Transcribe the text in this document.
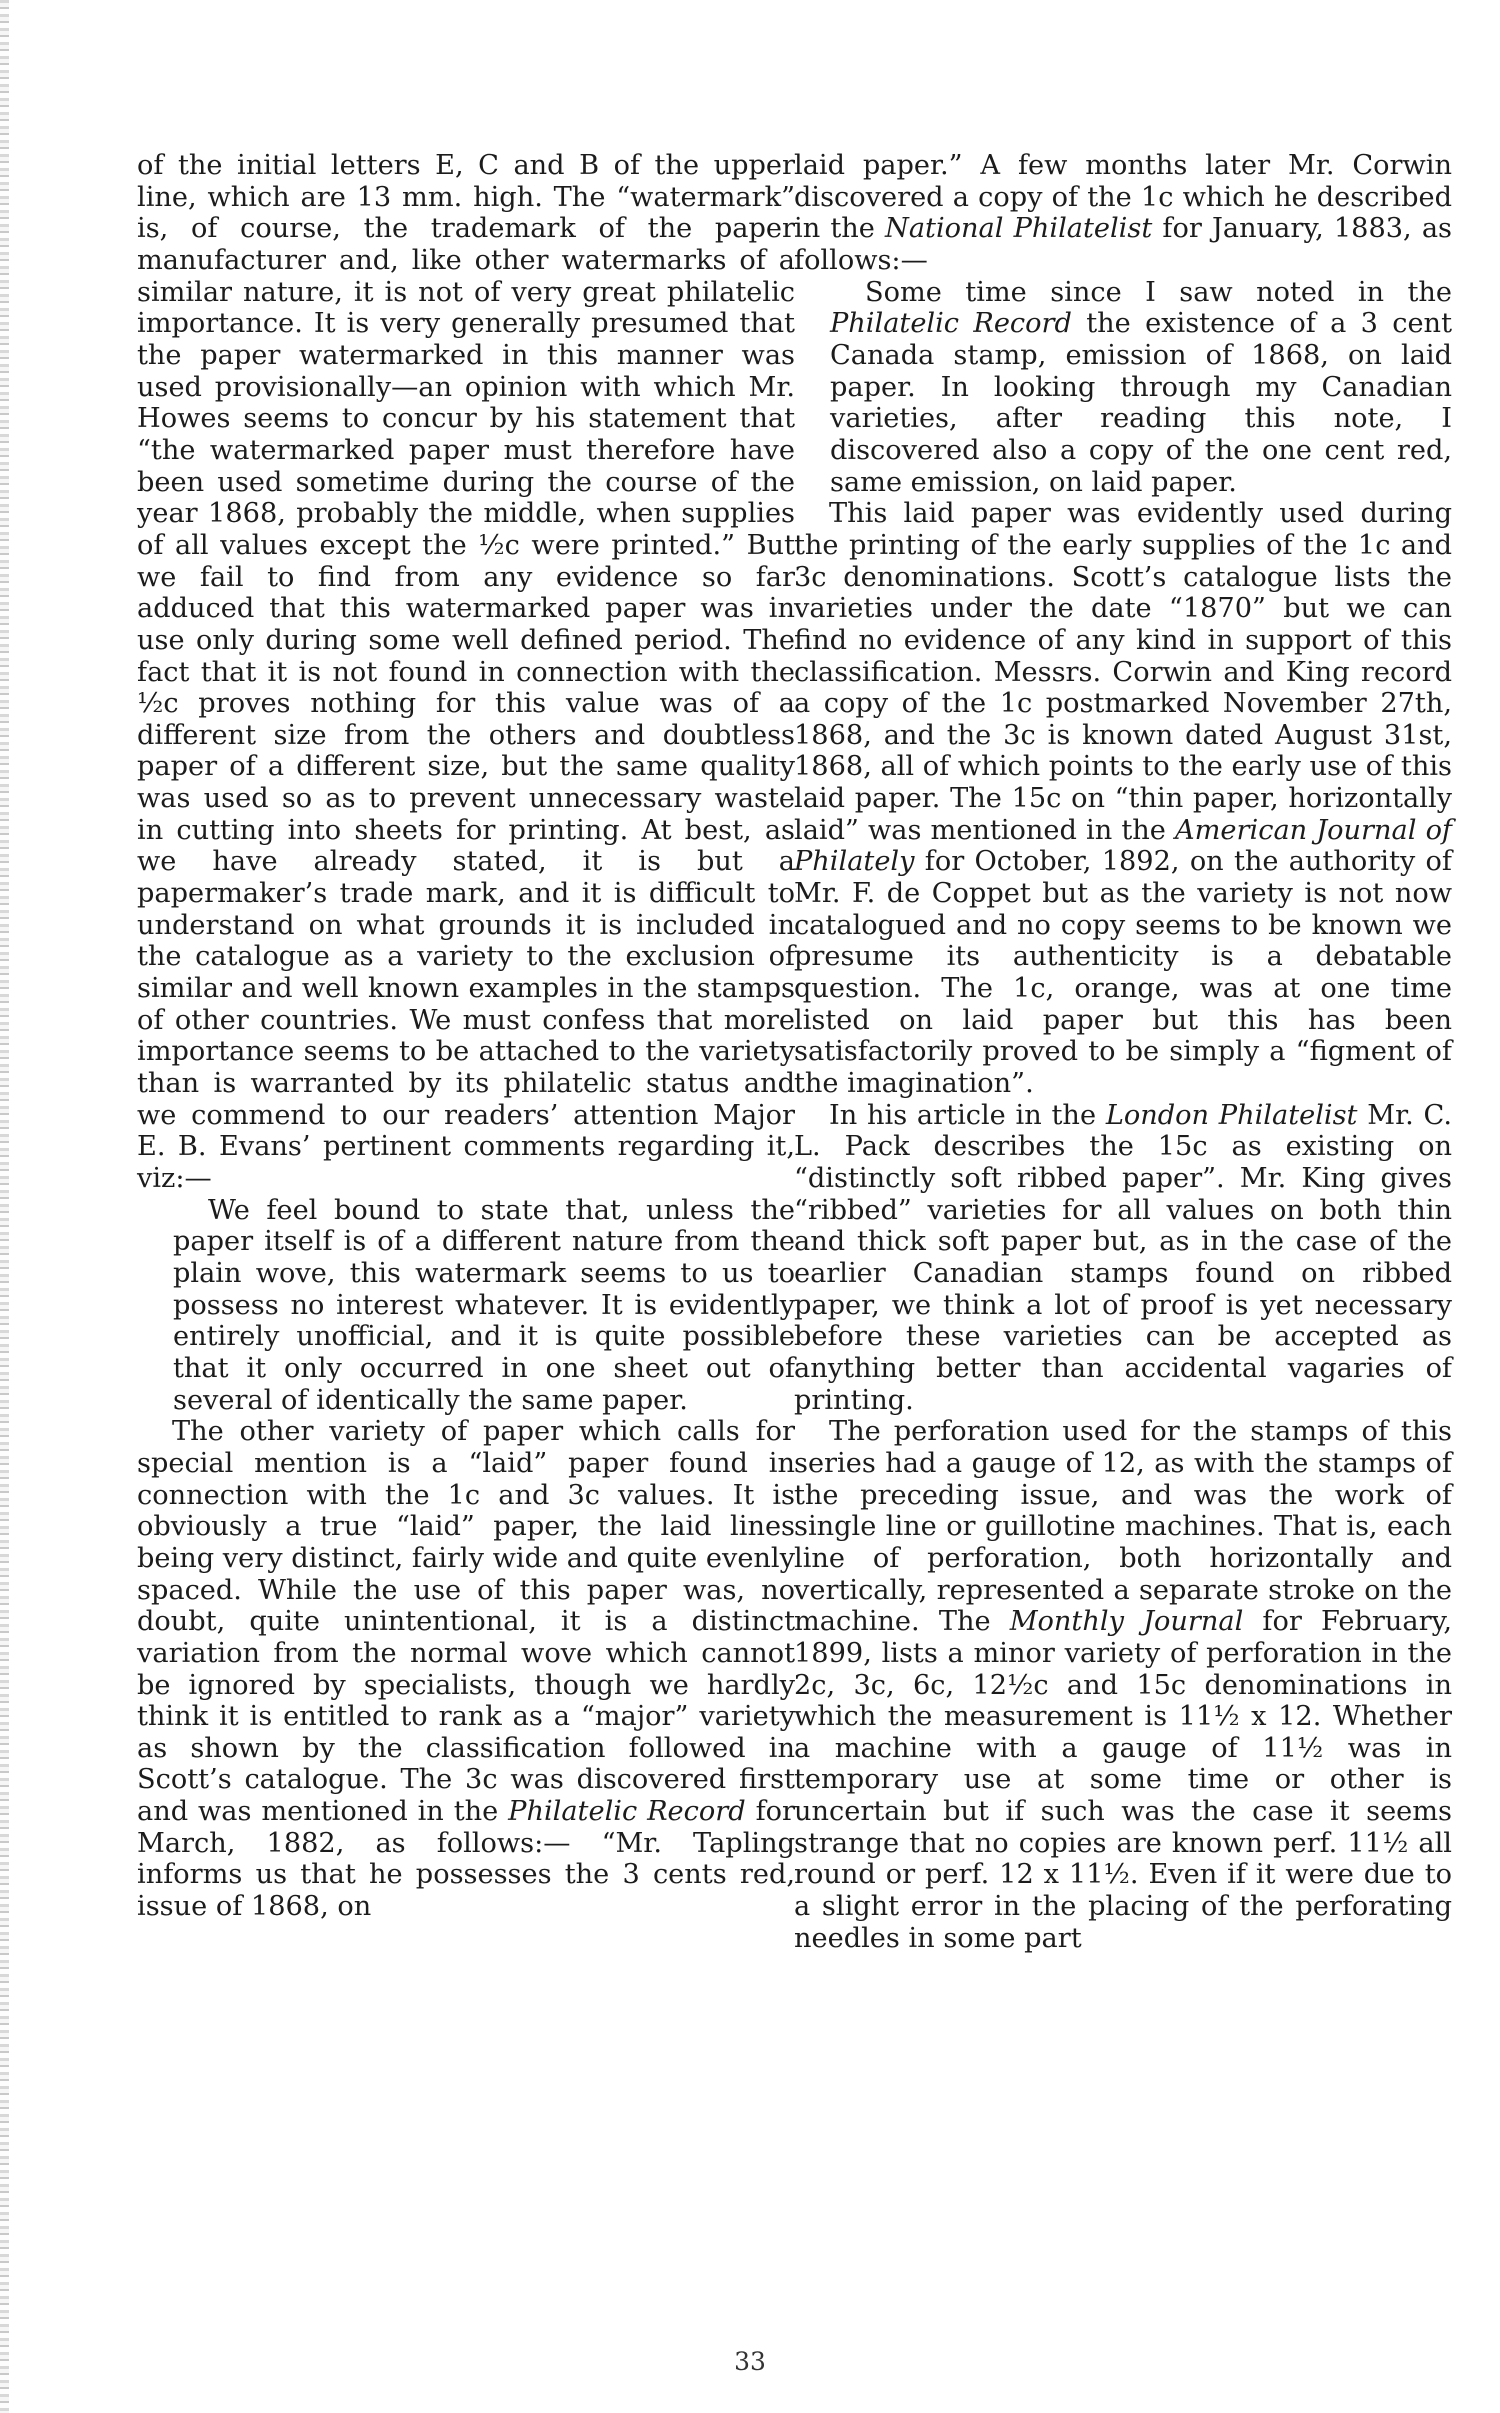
of the initial letters E, C and B of the upper line, which are 13 mm. high. The “watermark” is, of course, the trademark of the paper manufacturer and, like other watermarks of a similar nature, it is not of very great philatelic importance. It is very generally presumed that the paper watermarked in this manner was used provisionally—an opinion with which Mr. Howes seems to concur by his statement that “the watermarked paper must therefore have been used sometime during the course of the year 1868, probably the middle, when supplies of all values except the ½c were printed.” But we fail to find from any evidence so far adduced that this watermarked paper was in use only during some well defined period. The fact that it is not found in connection with the ½c proves nothing for this value was of a different size from the others and doubtless paper of a different size, but the same quality was used so as to prevent unnecessary waste in cutting into sheets for printing. At best, as we have already stated, it is but a papermaker’s trade mark, and it is difficult to understand on what grounds it is included in the catalogue as a variety to the exclusion of similar and well known examples in the stamps of other countries. We must confess that more importance seems to be attached to the variety than is warranted by its philatelic status and we commend to our readers’ attention Major E. B. Evans’ pertinent comments regarding it, viz:—

We feel bound to state that, unless the paper itself is of a different nature from the plain wove, this watermark seems to us to possess no interest whatever. It is evidently entirely unofficial, and it is quite possible that it only occurred in one sheet out of several of identically the same paper.

The other variety of paper which calls for special mention is a “laid” paper found in connection with the 1c and 3c values. It is obviously a true “laid” paper, the laid lines being very distinct, fairly wide and quite evenly spaced. While the use of this paper was, no doubt, quite unintentional, it is a distinct variation from the normal wove which cannot be ignored by specialists, though we hardly think it is entitled to rank as a “major” variety as shown by the classification followed in Scott’s catalogue. The 3c was discovered first and was mentioned in the Philatelic Record for March, 1882, as follows:— “Mr. Tapling informs us that he possesses the 3 cents red, issue of 1868, on

laid paper.” A few months later Mr. Corwin discovered a copy of the 1c which he described in the National Philatelist for January, 1883, as follows:—

Some time since I saw noted in the Philatelic Record the existence of a 3 cent Canada stamp, emission of 1868, on laid paper. In looking through my Canadian varieties, after reading this note, I discovered also a copy of the one cent red, same emission, on laid paper.

This laid paper was evidently used during the printing of the early supplies of the 1c and 3c denominations. Scott’s catalogue lists the varieties under the date “1870” but we can find no evidence of any kind in support of this classification. Messrs. Corwin and King record a copy of the 1c postmarked November 27th, 1868, and the 3c is known dated August 31st, 1868, all of which points to the early use of this laid paper. The 15c on “thin paper, horizontally laid” was mentioned in the American Journal of Philately for October, 1892, on the authority of Mr. F. de Coppet but as the variety is not now catalogued and no copy seems to be known we presume its authenticity is a debatable question. The 1c, orange, was at one time listed on laid paper but this has been satisfactorily proved to be simply a “figment of the imagination”.

In his article in the London Philatelist Mr. C. L. Pack describes the 15c as existing on “distinctly soft ribbed paper”. Mr. King gives “ribbed” varieties for all values on both thin and thick soft paper but, as in the case of the earlier Canadian stamps found on ribbed paper, we think a lot of proof is yet necessary before these varieties can be accepted as anything better than accidental vagaries of printing.

The perforation used for the stamps of this series had a gauge of 12, as with the stamps of the preceding issue, and was the work of single line or guillotine machines. That is, each line of perforation, both horizontally and vertically, represented a separate stroke on the machine. The Monthly Journal for February, 1899, lists a minor variety of perforation in the 2c, 3c, 6c, 12½c and 15c denominations in which the measurement is 11½ x 12. Whether a machine with a gauge of 11½ was in temporary use at some time or other is uncertain but if such was the case it seems strange that no copies are known perf. 11½ all round or perf. 12 x 11½. Even if it were due to a slight error in the placing of the perforating needles in some part

33
